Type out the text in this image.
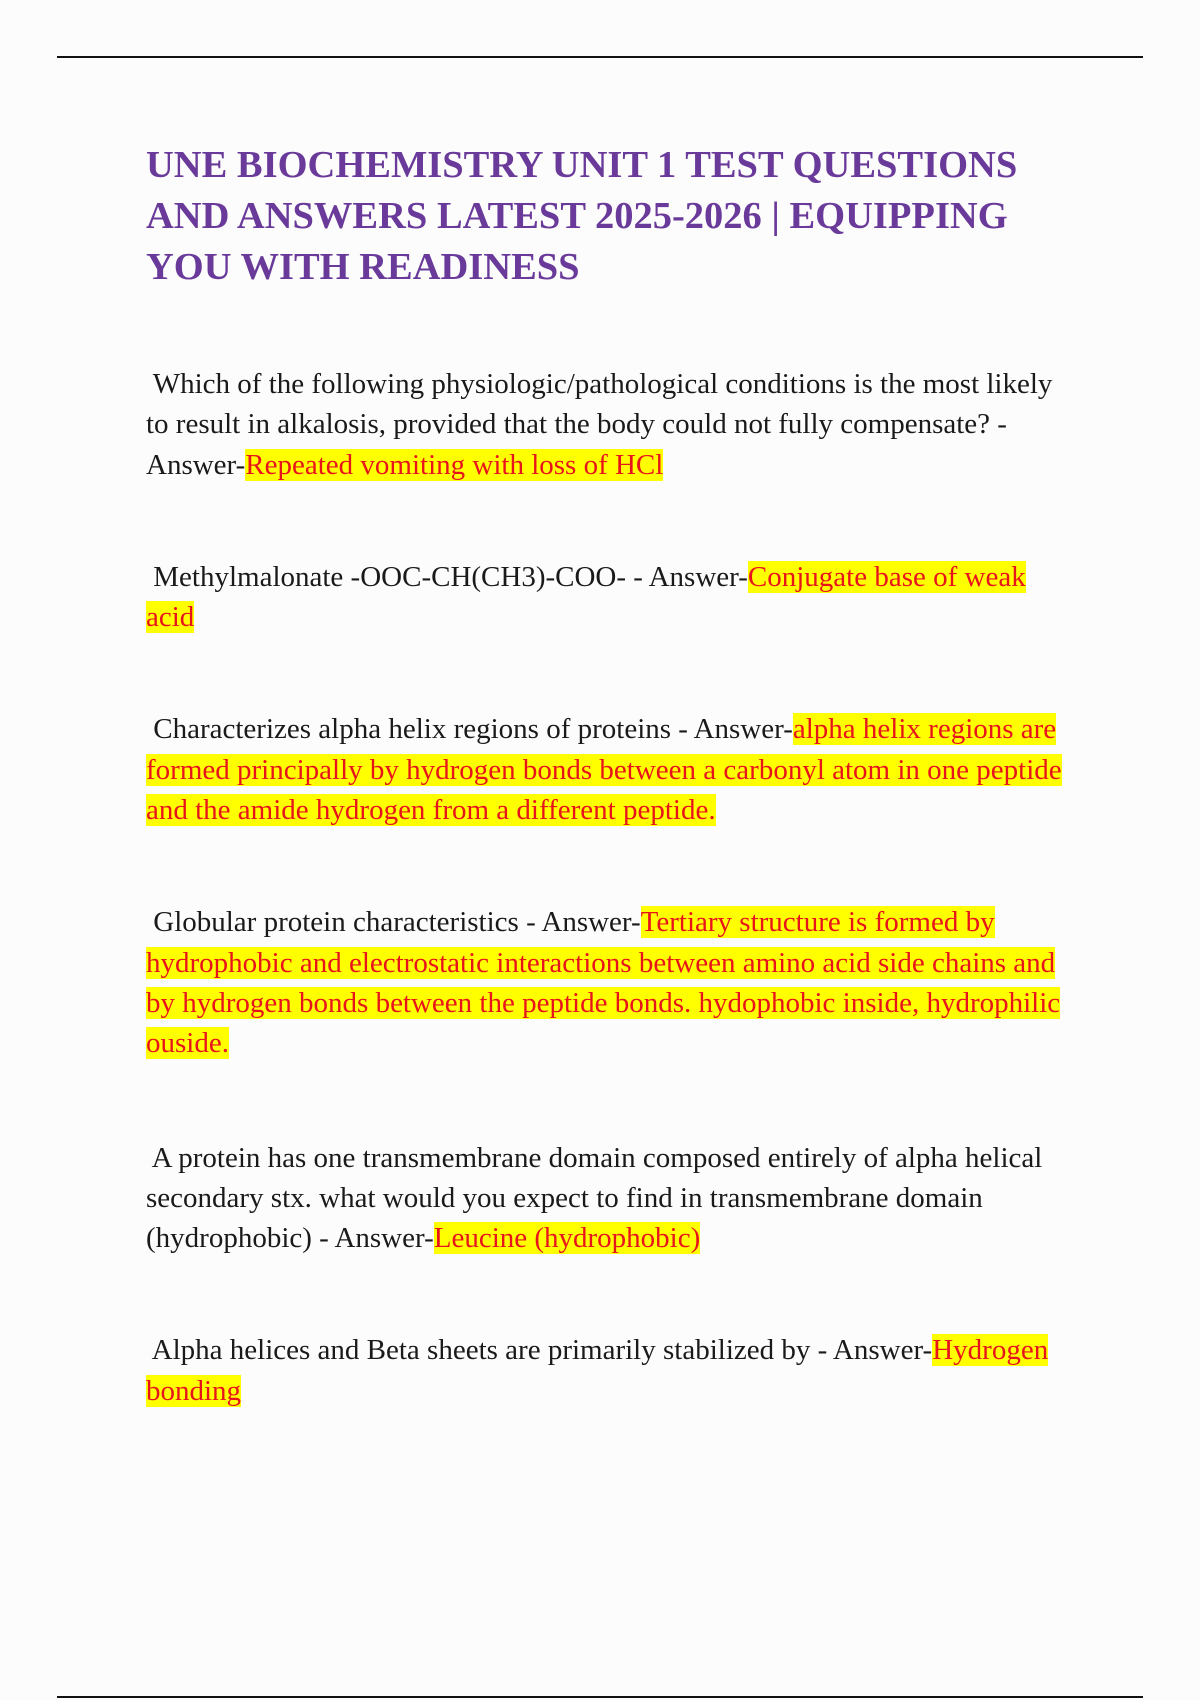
UNE BIOCHEMISTRY UNIT 1 TEST QUESTIONS AND ANSWERS LATEST 2025-2026 | EQUIPPING YOU WITH READINESS

Which of the following physiologic/pathological conditions is the most likely to result in alkalosis, provided that the body could not fully compensate? - Answer-Repeated vomiting with loss of HCl

Methylmalonate -OOC-CH(CH3)-COO- - Answer-Conjugate base of weak acid

Characterizes alpha helix regions of proteins - Answer-alpha helix regions are formed principally by hydrogen bonds between a carbonyl atom in one peptide and the amide hydrogen from a different peptide.

Globular protein characteristics - Answer-Tertiary structure is formed by hydrophobic and electrostatic interactions between amino acid side chains and by hydrogen bonds between the peptide bonds. hydophobic inside, hydrophilic ouside.

A protein has one transmembrane domain composed entirely of alpha helical secondary stx. what would you expect to find in transmembrane domain (hydrophobic) - Answer-Leucine (hydrophobic)

Alpha helices and Beta sheets are primarily stabilized by - Answer-Hydrogen bonding
